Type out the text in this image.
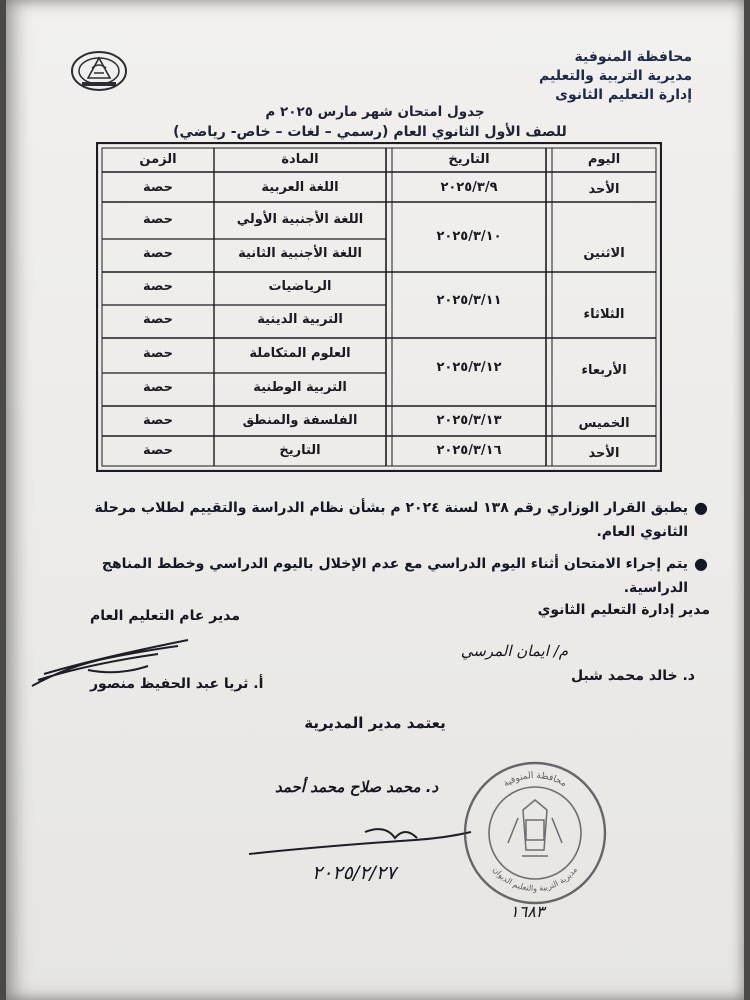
محافظة المنوفية
مديرية التربية والتعليم
إدارة التعليم الثانوى
جدول امتحان شهر مارس ٢٠٢٥ م
للصف الأول الثانوي العام (رسمي – لغات – خاص- رياضي)
اليوم
التاريخ
المادة
الزمن
الأحد
٢٠٢٥/٣/٩
اللغة العربية
حصة
الاثنين
٢٠٢٥/٣/١٠
اللغة الأجنبية الأولي
حصة
اللغة الأجنبية الثانية
حصة
الثلاثاء
٢٠٢٥/٣/١١
الرياضيات
حصة
التربية الدينية
حصة
الأربعاء
٢٠٢٥/٣/١٢
العلوم المتكاملة
حصة
التربية الوطنية
حصة
الخميس
٢٠٢٥/٣/١٣
الفلسفة والمنطق
حصة
الأحد
٢٠٢٥/٣/١٦
التاريخ
حصة
●
يطبق القرار الوزاري رقم ١٣٨ لسنة ٢٠٢٤ م بشأن نظام الدراسة والتقييم لطلاب مرحلة الثانوي العام.
●
يتم إجراء الامتحان أثناء اليوم الدراسي مع عدم الإخلال باليوم الدراسي وخطط المناهج الدراسية.
مدير إدارة التعليم الثانوي
م/ ايمان المرسي
د. خالد محمد شبل
مدير عام التعليم العام
أ. ثريا عبد الحفيظ منصور
يعتمد مدير المديرية
د. محمد صلاح محمد أحمد
٢٠٢٥/٢/٢٧
١٦٨٣
محافظة المنوفية
مديرية التربية والتعليم الديوان
